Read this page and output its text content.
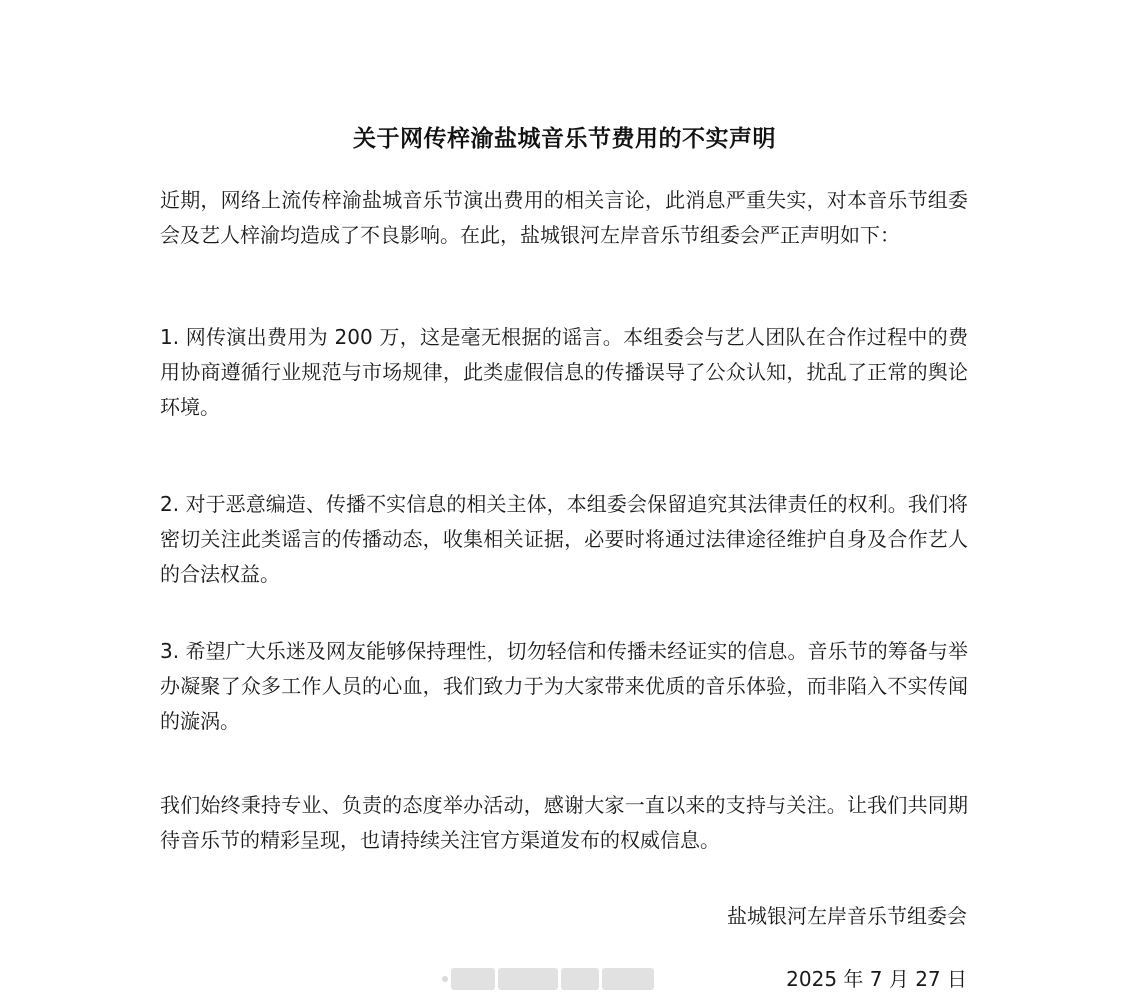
关于网传梓渝盐城音乐节费用的不实声明
近期，网络上流传梓渝盐城音乐节演出费用的相关言论，此消息严重失实，对本音乐节组委会及艺人梓渝均造成了不良影响。在此，盐城银河左岸音乐节组委会严正声明如下：
1. 网传演出费用为 200 万，这是毫无根据的谣言。本组委会与艺人团队在合作过程中的费用协商遵循行业规范与市场规律，此类虚假信息的传播误导了公众认知，扰乱了正常的舆论环境。
2. 对于恶意编造、传播不实信息的相关主体，本组委会保留追究其法律责任的权利。我们将密切关注此类谣言的传播动态，收集相关证据，必要时将通过法律途径维护自身及合作艺人的合法权益。
3. 希望广大乐迷及网友能够保持理性，切勿轻信和传播未经证实的信息。音乐节的筹备与举办凝聚了众多工作人员的心血，我们致力于为大家带来优质的音乐体验，而非陷入不实传闻的漩涡。
我们始终秉持专业、负责的态度举办活动，感谢大家一直以来的支持与关注。让我们共同期待音乐节的精彩呈现，也请持续关注官方渠道发布的权威信息。
盐城银河左岸音乐节组委会
2025 年 7 月 27 日
